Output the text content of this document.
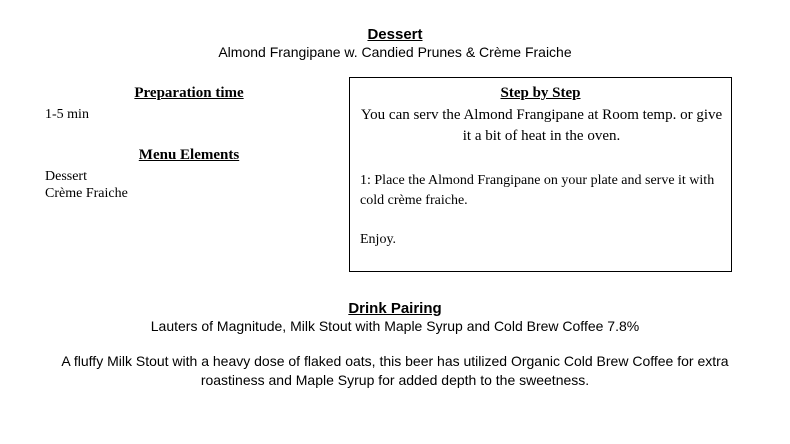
Dessert
Almond Frangipane w. Candied Prunes & Crème Fraiche
Preparation time
1-5 min
Menu Elements
Dessert
Crème Fraiche
Step by Step
You can serv the Almond Frangipane at Room temp. or give it a bit of heat in the oven.
1: Place the Almond Frangipane on your plate and serve it with cold crème fraiche.
Enjoy.
Drink Pairing
Lauters of Magnitude, Milk Stout with Maple Syrup and Cold Brew Coffee 7.8%
A fluffy Milk Stout with a heavy dose of flaked oats, this beer has utilized Organic Cold Brew Coffee for extra roastiness and Maple Syrup for added depth to the sweetness.
